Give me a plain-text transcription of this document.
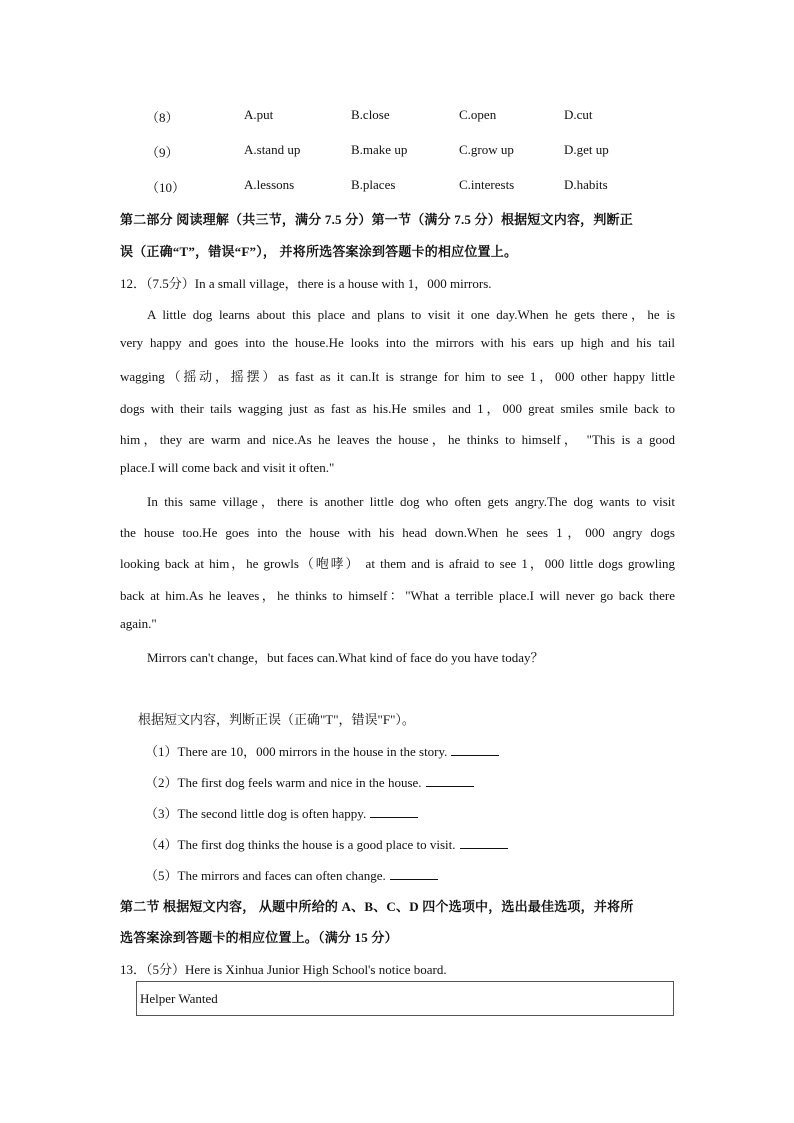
（8）	A.put	B.close	C.open	D.cut
（9）	A.stand up	B.make up	C.grow up	D.get up
（10）	A.lessons	B.places	C.interests	D.habits
第二部分 阅读理解（共三节，满分 7.5 分）第一节（满分 7.5 分）根据短文内容，判断正
误（正确“T”，错误“F”）， 并将所选答案涂到答题卡的相应位置上。
12．（7.5分）In a small village，there is a house with 1，000 mirrors.
A little dog learns about this place and plans to visit it one day.When he gets there，he is
very happy and goes into the house.He looks into the mirrors with his ears up high and his tail
wagging（摇动，摇摆）as fast as it can.It is strange for him to see 1，000 other happy little
dogs with their tails wagging just as fast as his.He smiles and 1，000 great smiles smile back to
him，they are warm and nice.As he leaves the house，he thinks to himself， "This is a good
place.I will come back and visit it often."
In this same village，there is another little dog who often gets angry.The dog wants to visit
the house too.He goes into the house with his head down.When he sees 1，000 angry dogs
looking back at him，he growls（咆哮） at them and is afraid to see 1，000 little dogs growling
back at him.As he leaves，he thinks to himself："What a terrible place.I will never go back there
again."
Mirrors can't change，but faces can.What kind of face do you have today？
根据短文内容，判断正误（正确"T"，错误"F"）。
（1）There are 10，000 mirrors in the house in the story.
（2）The first dog feels warm and nice in the house.
（3）The second little dog is often happy.
（4）The first dog thinks the house is a good place to visit.
（5）The mirrors and faces can often change.
第二节 根据短文内容， 从题中所给的 A、B、C、D 四个选项中，选出最佳选项，并将所
选答案涂到答题卡的相应位置上。（满分 15 分）
13．（5分）Here is Xinhua Junior High School's notice board.
Helper Wanted
